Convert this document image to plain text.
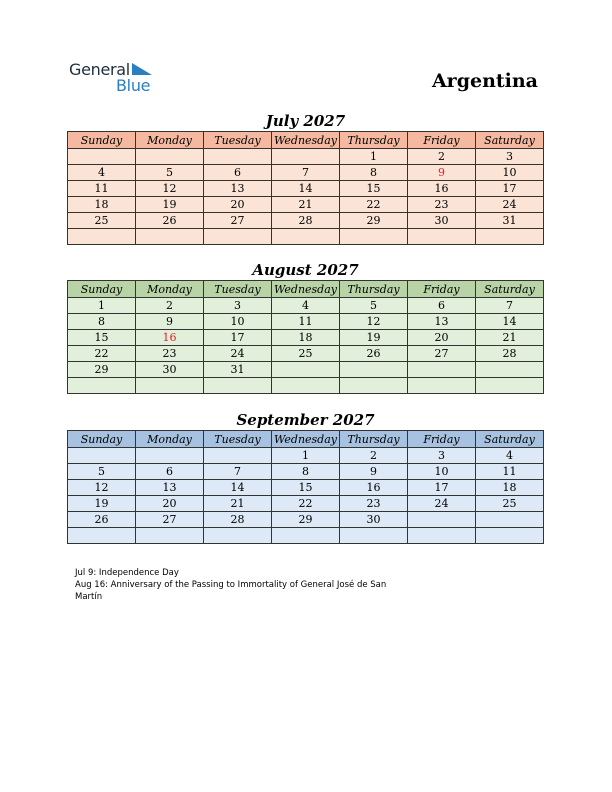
General
Blue	Argentina
July 2027
Sunday	Monday	Tuesday	Wednesday	Thursday	Friday	Saturday
				1	2	3
4	5	6	7	8	9	10
11	12	13	14	15	16	17
18	19	20	21	22	23	24
25	26	27	28	29	30	31

August 2027
Sunday	Monday	Tuesday	Wednesday	Thursday	Friday	Saturday
1	2	3	4	5	6	7
8	9	10	11	12	13	14
15	16	17	18	19	20	21
22	23	24	25	26	27	28
29	30	31				

September 2027
Sunday	Monday	Tuesday	Wednesday	Thursday	Friday	Saturday
			1	2	3	4
5	6	7	8	9	10	11
12	13	14	15	16	17	18
19	20	21	22	23	24	25
26	27	28	29	30		

Jul 9: Independence Day
Aug 16: Anniversary of the Passing to Immortality of General José de San Martín
